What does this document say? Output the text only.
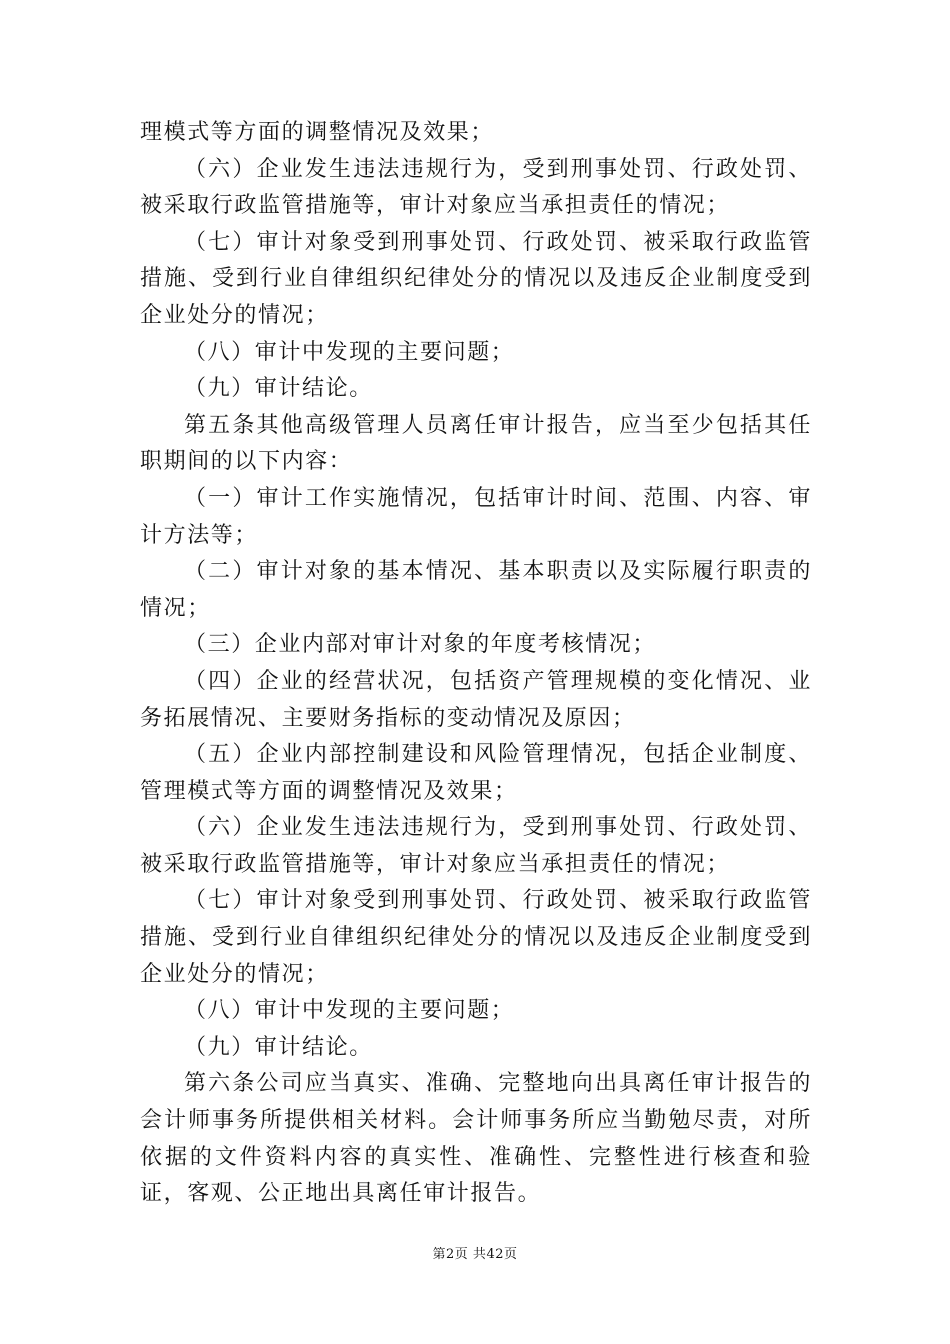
理模式等方面的调整情况及效果；

（六）企业发生违法违规行为，受到刑事处罚、行政处罚、被采取行政监管措施等，审计对象应当承担责任的情况；

（七）审计对象受到刑事处罚、行政处罚、被采取行政监管措施、受到行业自律组织纪律处分的情况以及违反企业制度受到企业处分的情况；

（八）审计中发现的主要问题；

（九）审计结论。

第五条其他高级管理人员离任审计报告，应当至少包括其任职期间的以下内容：

（一）审计工作实施情况，包括审计时间、范围、内容、审计方法等；

（二）审计对象的基本情况、基本职责以及实际履行职责的情况；

（三）企业内部对审计对象的年度考核情况；

（四）企业的经营状况，包括资产管理规模的变化情况、业务拓展情况、主要财务指标的变动情况及原因；

（五）企业内部控制建设和风险管理情况，包括企业制度、管理模式等方面的调整情况及效果；

（六）企业发生违法违规行为，受到刑事处罚、行政处罚、被采取行政监管措施等，审计对象应当承担责任的情况；

（七）审计对象受到刑事处罚、行政处罚、被采取行政监管措施、受到行业自律组织纪律处分的情况以及违反企业制度受到企业处分的情况；

（八）审计中发现的主要问题；

（九）审计结论。

第六条公司应当真实、准确、完整地向出具离任审计报告的会计师事务所提供相关材料。会计师事务所应当勤勉尽责，对所依据的文件资料内容的真实性、准确性、完整性进行核查和验证，客观、公正地出具离任审计报告。

第2页 共42页
